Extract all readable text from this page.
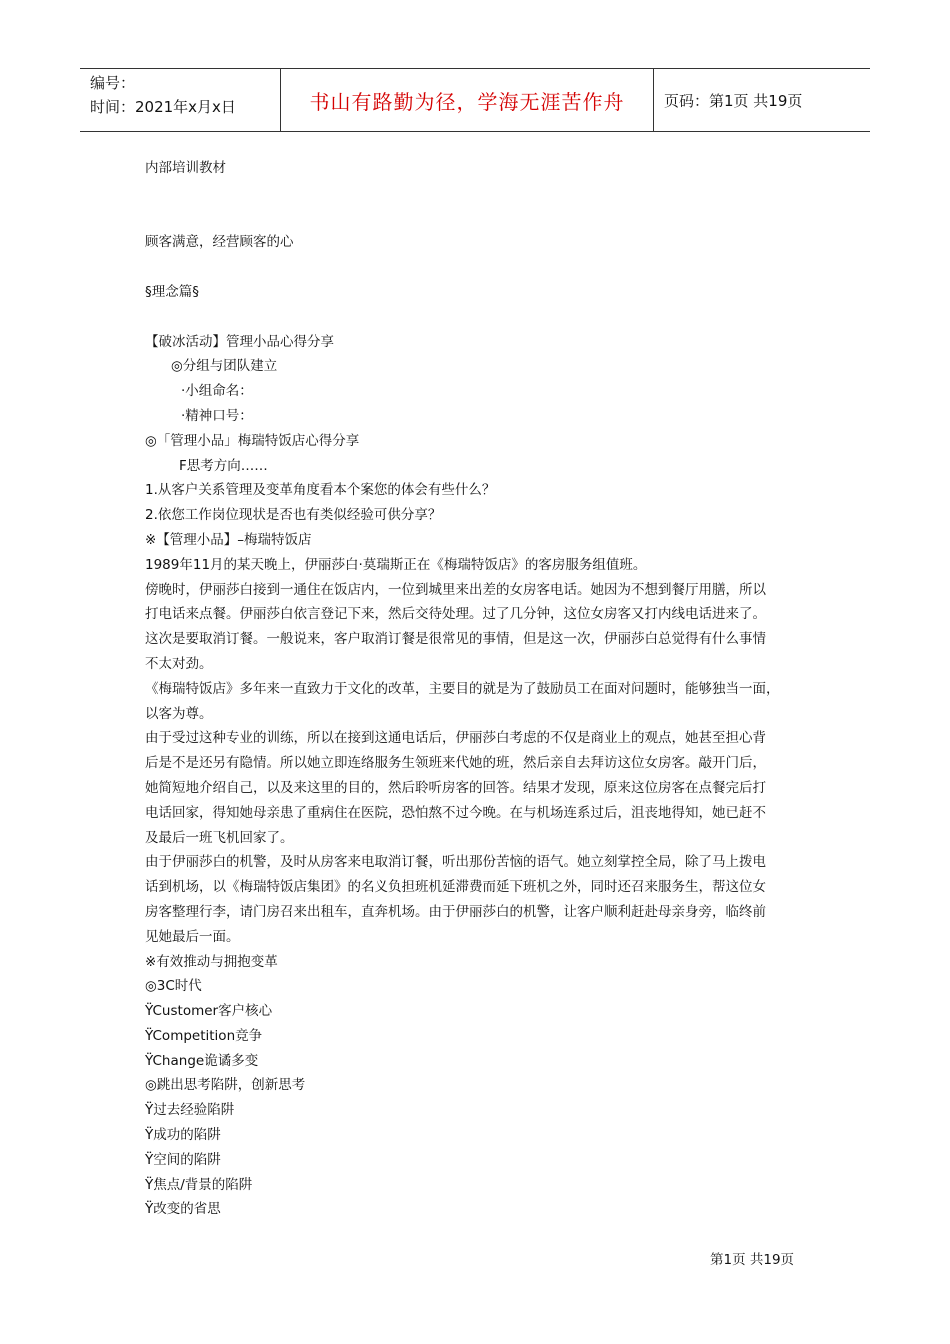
编号：
时间：2021年x月x日	书山有路勤为径，学海无涯苦作舟	页码：第1页 共19页
内部培训教材
顾客满意，经营顾客的心
§理念篇§
【破冰活动】管理小品心得分享
◎分组与团队建立
·小组命名：
·精神口号：
◎「管理小品」梅瑞特饭店心得分享
F思考方向……
1.从客户关系管理及变革角度看本个案您的体会有些什么？
2.依您工作岗位现状是否也有类似经验可供分享？
※【管理小品】–梅瑞特饭店
1989年11月的某天晚上，伊丽莎白·莫瑞斯正在《梅瑞特饭店》的客房服务组值班。
傍晚时，伊丽莎白接到一通住在饭店内，一位到城里来出差的女房客电话。她因为不想到餐厅用膳，所以
打电话来点餐。伊丽莎白依言登记下来，然后交待处理。过了几分钟，这位女房客又打内线电话进来了。
这次是要取消订餐。一般说来，客户取消订餐是很常见的事情，但是这一次，伊丽莎白总觉得有什么事情
不太对劲。
《梅瑞特饭店》多年来一直致力于文化的改革，主要目的就是为了鼓励员工在面对问题时，能够独当一面，
以客为尊。
由于受过这种专业的训练，所以在接到这通电话后，伊丽莎白考虑的不仅是商业上的观点，她甚至担心背
后是不是还另有隐情。所以她立即连络服务生领班来代她的班，然后亲自去拜访这位女房客。敲开门后，
她简短地介绍自己，以及来这里的目的，然后聆听房客的回答。结果才发现，原来这位房客在点餐完后打
电话回家，得知她母亲患了重病住在医院，恐怕熬不过今晚。在与机场连系过后，沮丧地得知，她已赶不
及最后一班飞机回家了。
由于伊丽莎白的机警，及时从房客来电取消订餐，听出那份苦恼的语气。她立刻掌控全局，除了马上拨电
话到机场，以《梅瑞特饭店集团》的名义负担班机延滞费而延下班机之外，同时还召来服务生，帮这位女
房客整理行李，请门房召来出租车，直奔机场。由于伊丽莎白的机警，让客户顺利赶赴母亲身旁，临终前
见她最后一面。
※有效推动与拥抱变革
◎3C时代
ŸCustomer客户核心
ŸCompetition竞争
ŸChange诡谲多变
◎跳出思考陷阱，创新思考
Ÿ过去经验陷阱
Ÿ成功的陷阱
Ÿ空间的陷阱
Ÿ焦点/背景的陷阱
Ÿ改变的省思
第1页 共19页
